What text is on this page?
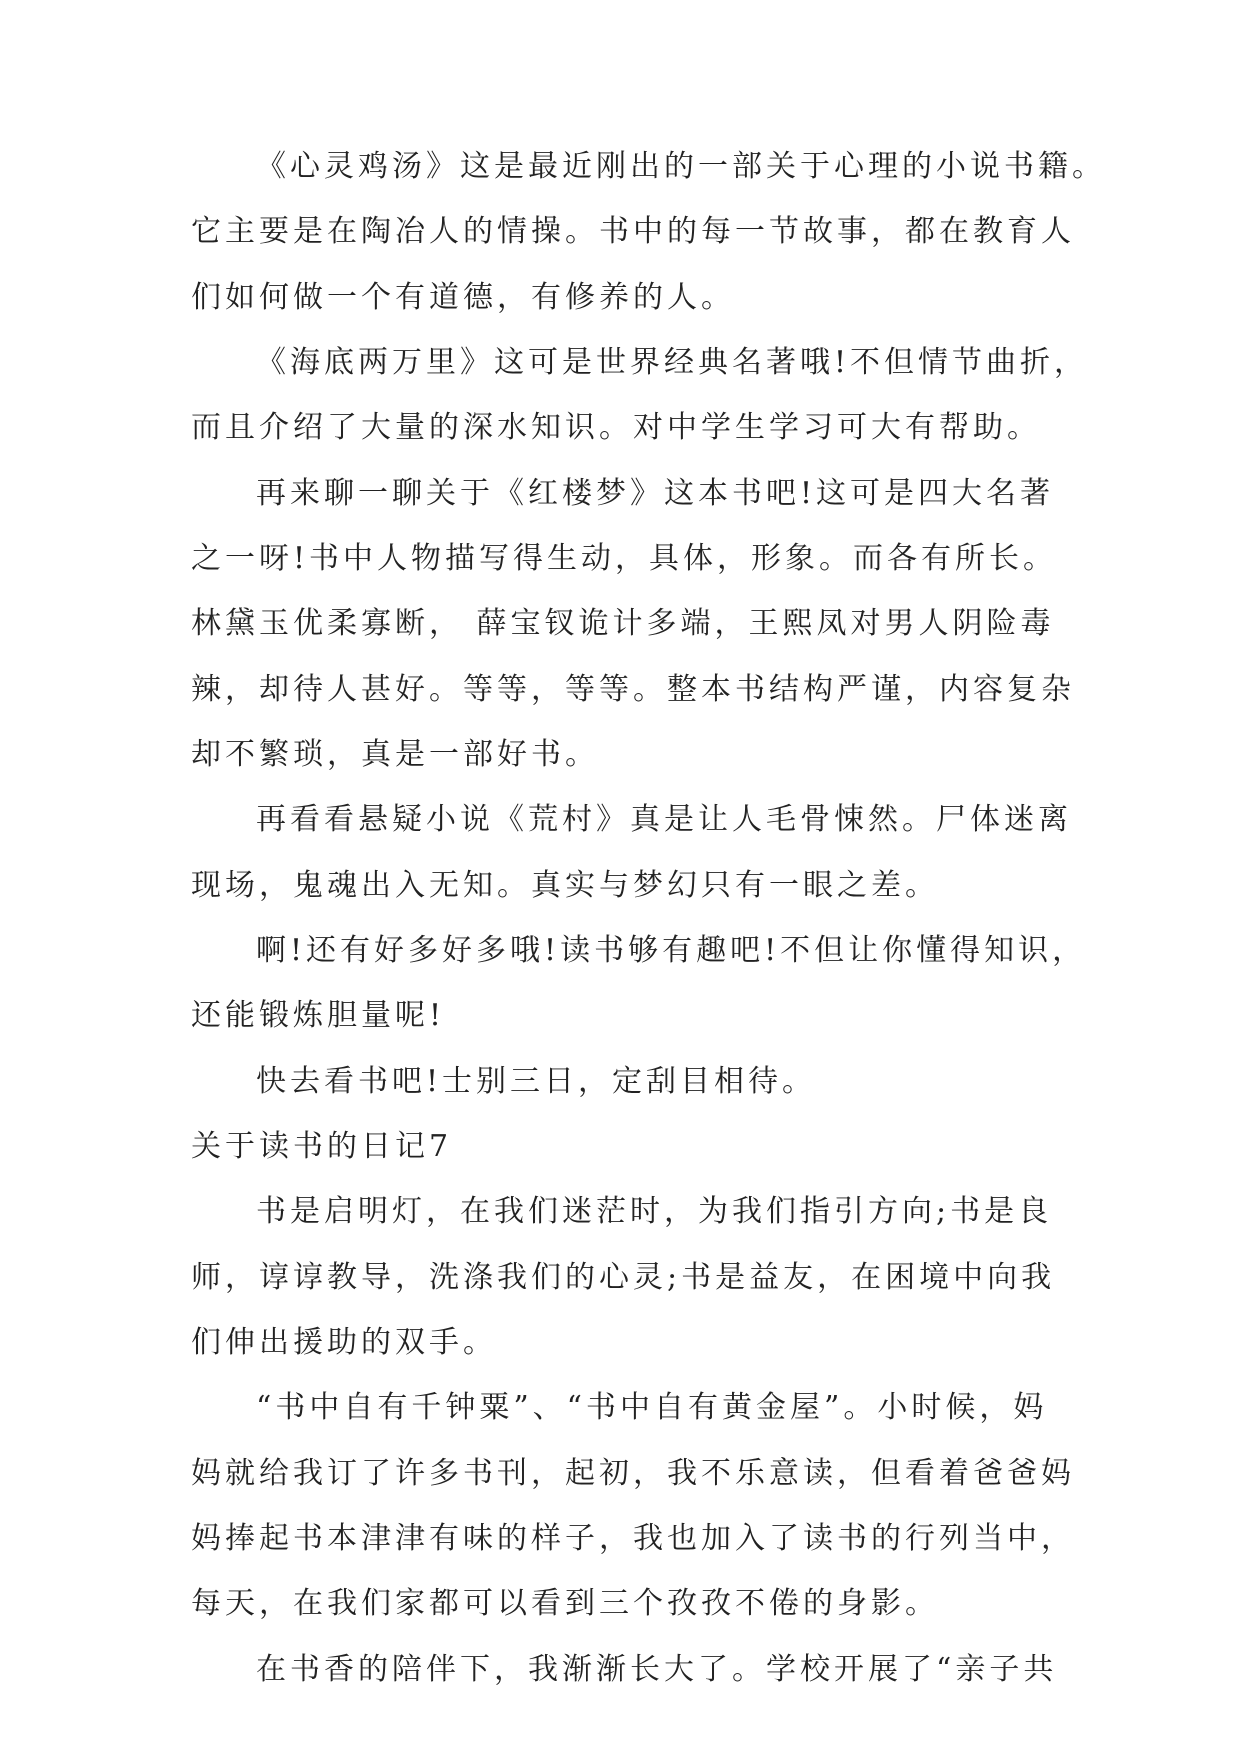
《心灵鸡汤》这是最近刚出的一部关于心理的小说书籍。
它主要是在陶冶人的情操。书中的每一节故事，都在教育人
们如何做一个有道德，有修养的人。
《海底两万里》这可是世界经典名著哦!不但情节曲折，
而且介绍了大量的深水知识。对中学生学习可大有帮助。
再来聊一聊关于《红楼梦》这本书吧!这可是四大名著
之一呀!书中人物描写得生动，具体，形象。而各有所长。
林黛玉优柔寡断， 薛宝钗诡计多端，王熙凤对男人阴险毒
辣，却待人甚好。等等，等等。整本书结构严谨，内容复杂
却不繁琐，真是一部好书。
再看看悬疑小说《荒村》真是让人毛骨悚然。尸体迷离
现场，鬼魂出入无知。真实与梦幻只有一眼之差。
啊!还有好多好多哦!读书够有趣吧!不但让你懂得知识，
还能锻炼胆量呢!
快去看书吧!士别三日，定刮目相待。
关于读书的日记7
书是启明灯，在我们迷茫时，为我们指引方向;书是良
师，谆谆教导，洗涤我们的心灵;书是益友，在困境中向我
们伸出援助的双手。
“书中自有千钟粟”、“书中自有黄金屋”。小时候，妈
妈就给我订了许多书刊，起初，我不乐意读，但看着爸爸妈
妈捧起书本津津有味的样子，我也加入了读书的行列当中，
每天，在我们家都可以看到三个孜孜不倦的身影。
在书香的陪伴下，我渐渐长大了。学校开展了“亲子共
